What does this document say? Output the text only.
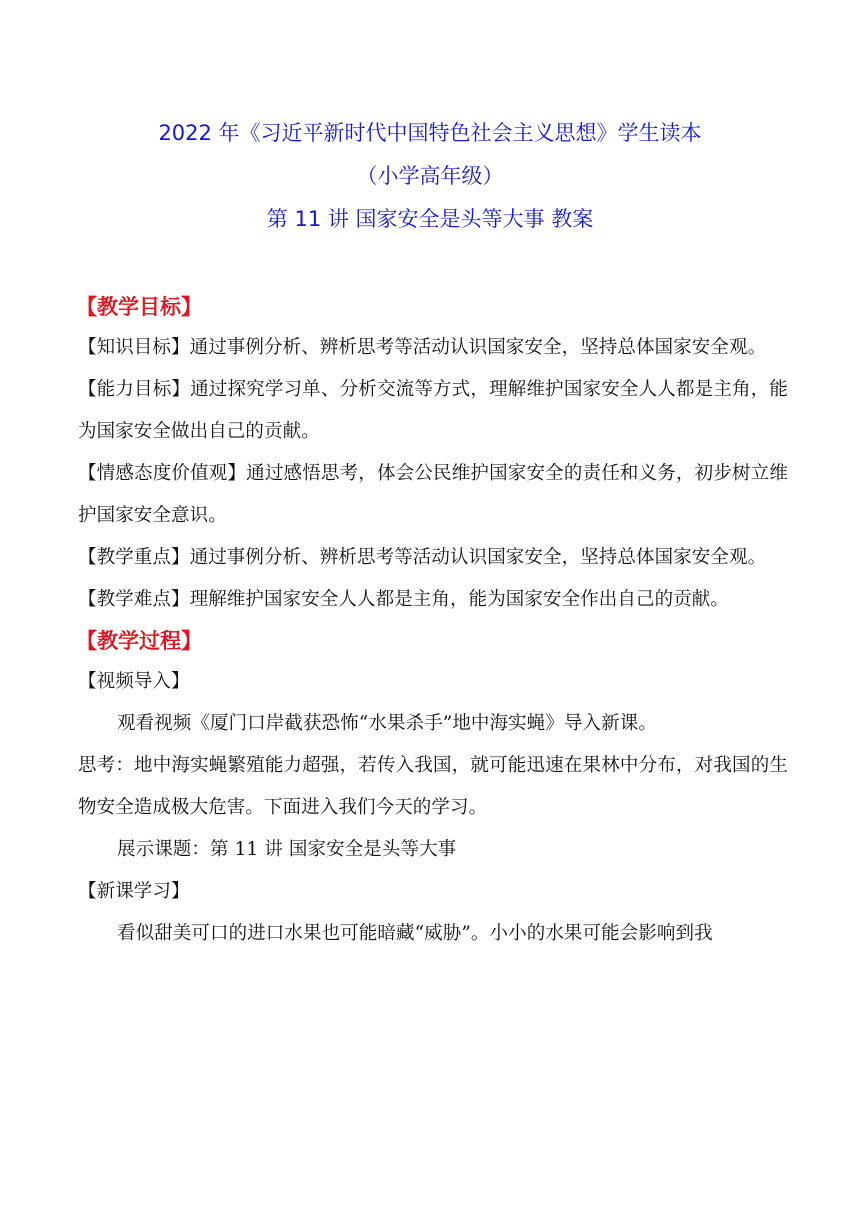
2022 年《习近平新时代中国特色社会主义思想》学生读本
（小学高年级）
第 11 讲 国家安全是头等大事 教案
【教学目标】
【知识目标】通过事例分析、辨析思考等活动认识国家安全，坚持总体国家安全观。
【能力目标】通过探究学习单、分析交流等方式，理解维护国家安全人人都是主角，能为国家安全做出自己的贡献。
【情感态度价值观】通过感悟思考，体会公民维护国家安全的责任和义务，初步树立维护国家安全意识。
【教学重点】通过事例分析、辨析思考等活动认识国家安全，坚持总体国家安全观。
【教学难点】理解维护国家安全人人都是主角，能为国家安全作出自己的贡献。
【教学过程】
【视频导入】
观看视频《厦门口岸截获恐怖“水果杀手”地中海实蝇》导入新课。
思考：地中海实蝇繁殖能力超强，若传入我国，就可能迅速在果林中分布，对我国的生物安全造成极大危害。下面进入我们今天的学习。
展示课题：第 11 讲 国家安全是头等大事
【新课学习】
看似甜美可口的进口水果也可能暗藏“威胁”。小小的水果可能会影响到我
